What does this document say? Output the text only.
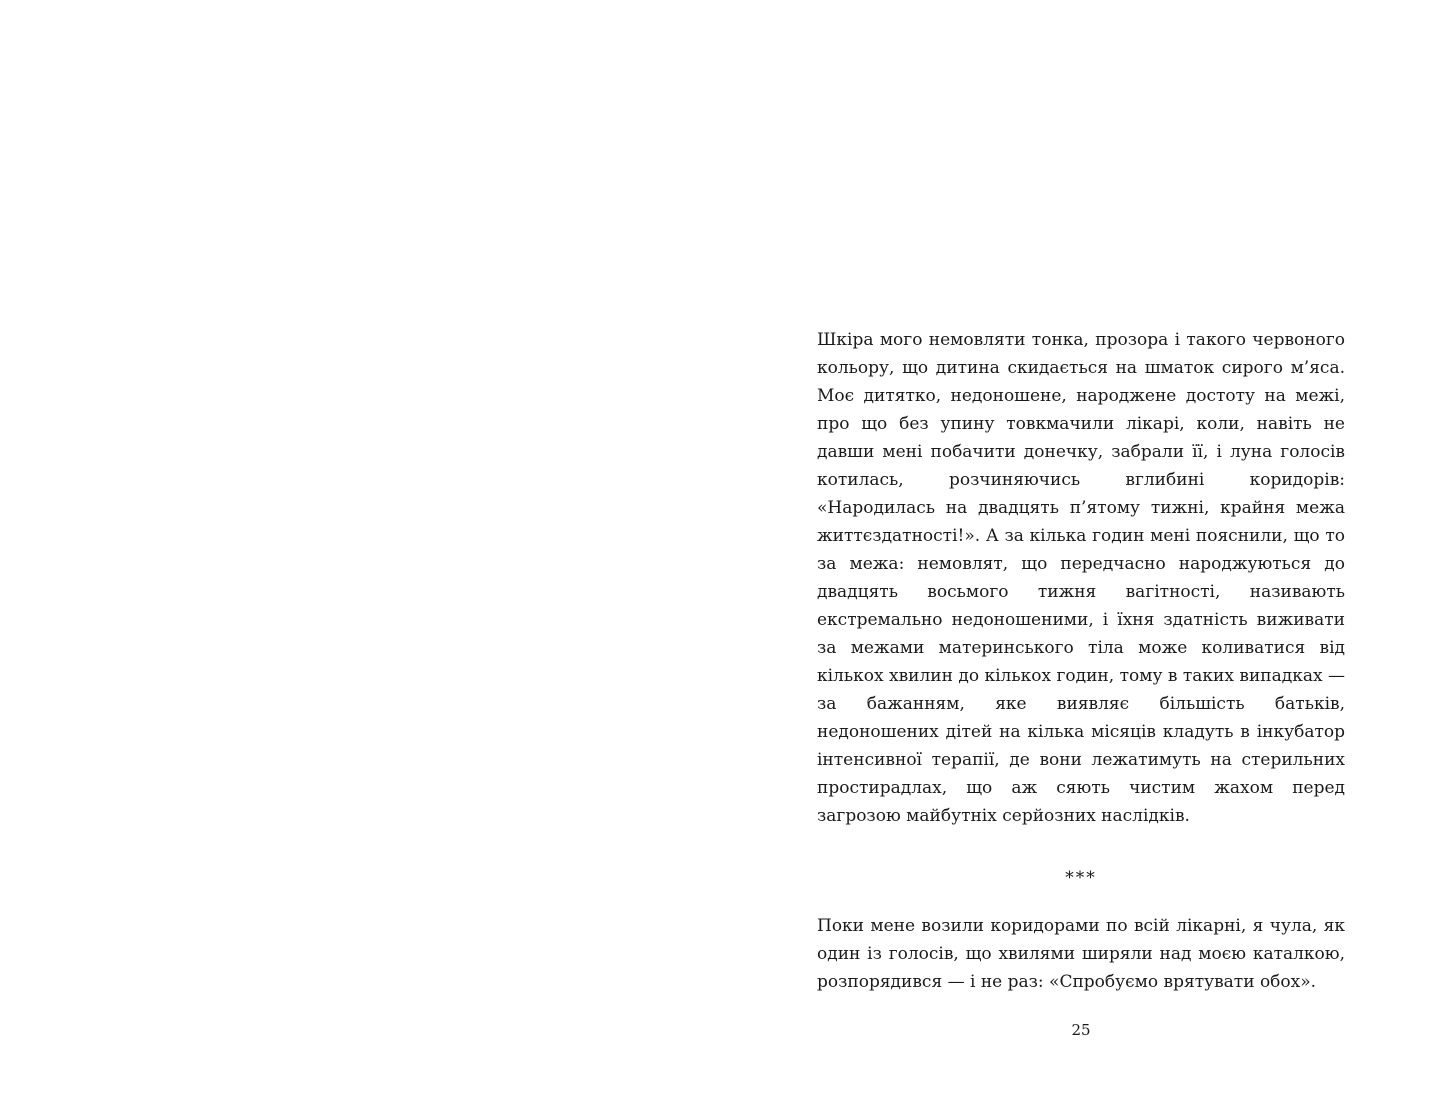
Шкіра мого немовляти тонка, прозора і такого червоного кольору, що дитина скидається на шматок сирого м’яса. Моє дитятко, недоношене, народжене достоту на межі, про що без упину товкмачили лікарі, коли, навіть не давши мені побачити донечку, забрали її, і луна голосів котилась, розчиняючись вглибині коридорів: «Народилась на двадцять п’ятому тижні, крайня межа життєздатності!». А за кілька годин мені пояснили, що то за межа: немовлят, що передчасно народжуються до двадцять восьмого тижня вагітності, називають екстремально недоношеними, і їхня здатність виживати за межами материнського тіла може коливатися від кількох хвилин до кількох годин, тому в таких випадках — за бажанням, яке виявляє більшість батьків, недоношених дітей на кілька місяців кладуть в інкубатор інтенсивної терапії, де вони лежатимуть на стерильних простирадлах, що аж сяють чистим жахом перед загрозою майбутніх серйозних наслідків.

***

Поки мене возили коридорами по всій лікарні, я чула, як один із голосів, що хвилями ширяли над моєю каталкою, розпорядився — і не раз: «Спробуємо врятувати обох».

25
